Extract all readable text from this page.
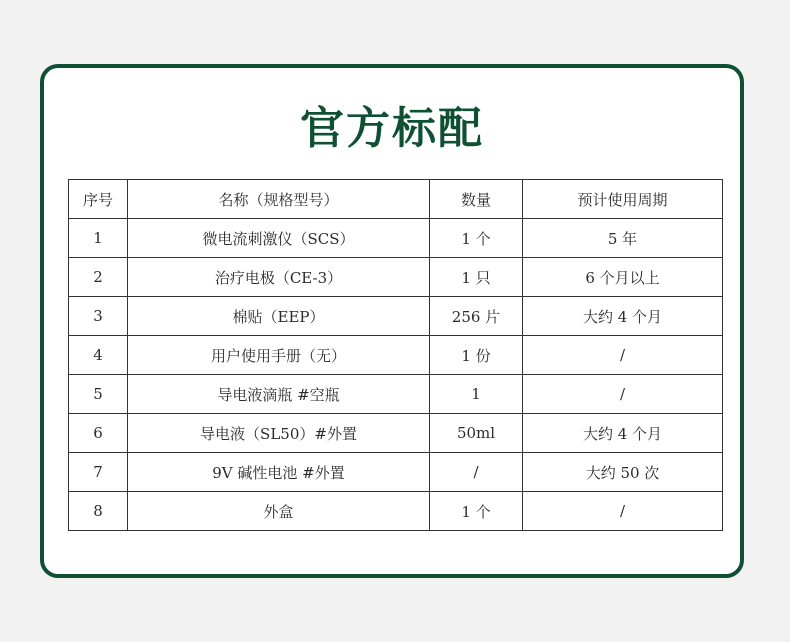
官方标配
序号	名称（规格型号）	数量	预计使用周期
1	微电流刺激仪（SCS）	1 个	5 年
2	治疗电极（CE-3）	1 只	6 个月以上
3	棉贴（EEP）	256 片	大约 4 个月
4	用户使用手册（无）	1 份	/
5	导电液滴瓶 #空瓶	1	/
6	导电液（SL50）#外置	50ml	大约 4 个月
7	9V 碱性电池 #外置	/	大约 50 次
8	外盒	1 个	/
